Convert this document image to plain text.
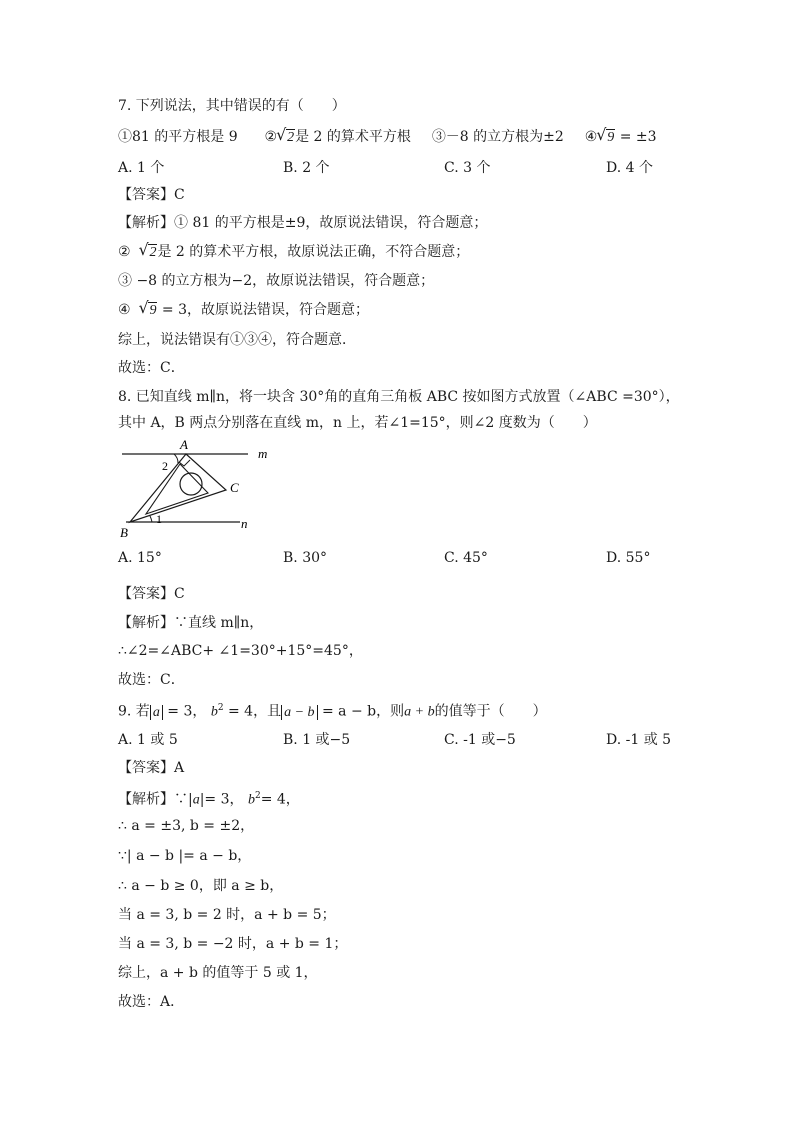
7. 下列说法，其中错误的有（　　）
①81 的平方根是 9 ② √ 2是 2 的算术平方根 ③－8 的立方根为±2 ④ √ 9 = ±3
A. 1 个	B. 2 个	C. 3 个	D. 4 个
【答案】C
【解析】① 81 的平方根是±9，故原说法错误，符合题意；
② √ 2是 2 的算术平方根，故原说法正确，不符合题意；
③ −8 的立方根为−2，故原说法错误，符合题意；
④ √ 9 = 3，故原说法错误，符合题意；
综上，说法错误有①③④，符合题意．
故选：C．
8. 已知直线 m∥n，将一块含 30°角的直角三角板 ABC 按如图方式放置（∠ABC =30°），
其中 A，B 两点分别落在直线 m，n 上，若∠1=15°，则∠2 度数为（　　）
A
B
C
m
n
1
2
A. 15°	B. 30°	C. 45°	D. 55°
【答案】C
【解析】∵直线 m∥n，
∴∠2=∠ABC+ ∠1=30°+15°=45°，
故选：C．
9. 若 a = 3， $b^2 = 4$，且 a − b = a − b，则a + b的值等于（　　）
A. 1 或 5	B. 1 或−5	C. -1 或−5	D. -1 或 5
【答案】A
【解析】∵|a|= 3， $b^2= 4$，
∴ a = ±3, b = ±2，
∵| a − b |= a − b，
∴ a − b ≥ 0，即 a ≥ b，
当 a = 3, b = 2 时，a + b = 5；
当 a = 3, b = −2 时，a + b = 1；
综上，a + b 的值等于 5 或 1，
故选：A．
